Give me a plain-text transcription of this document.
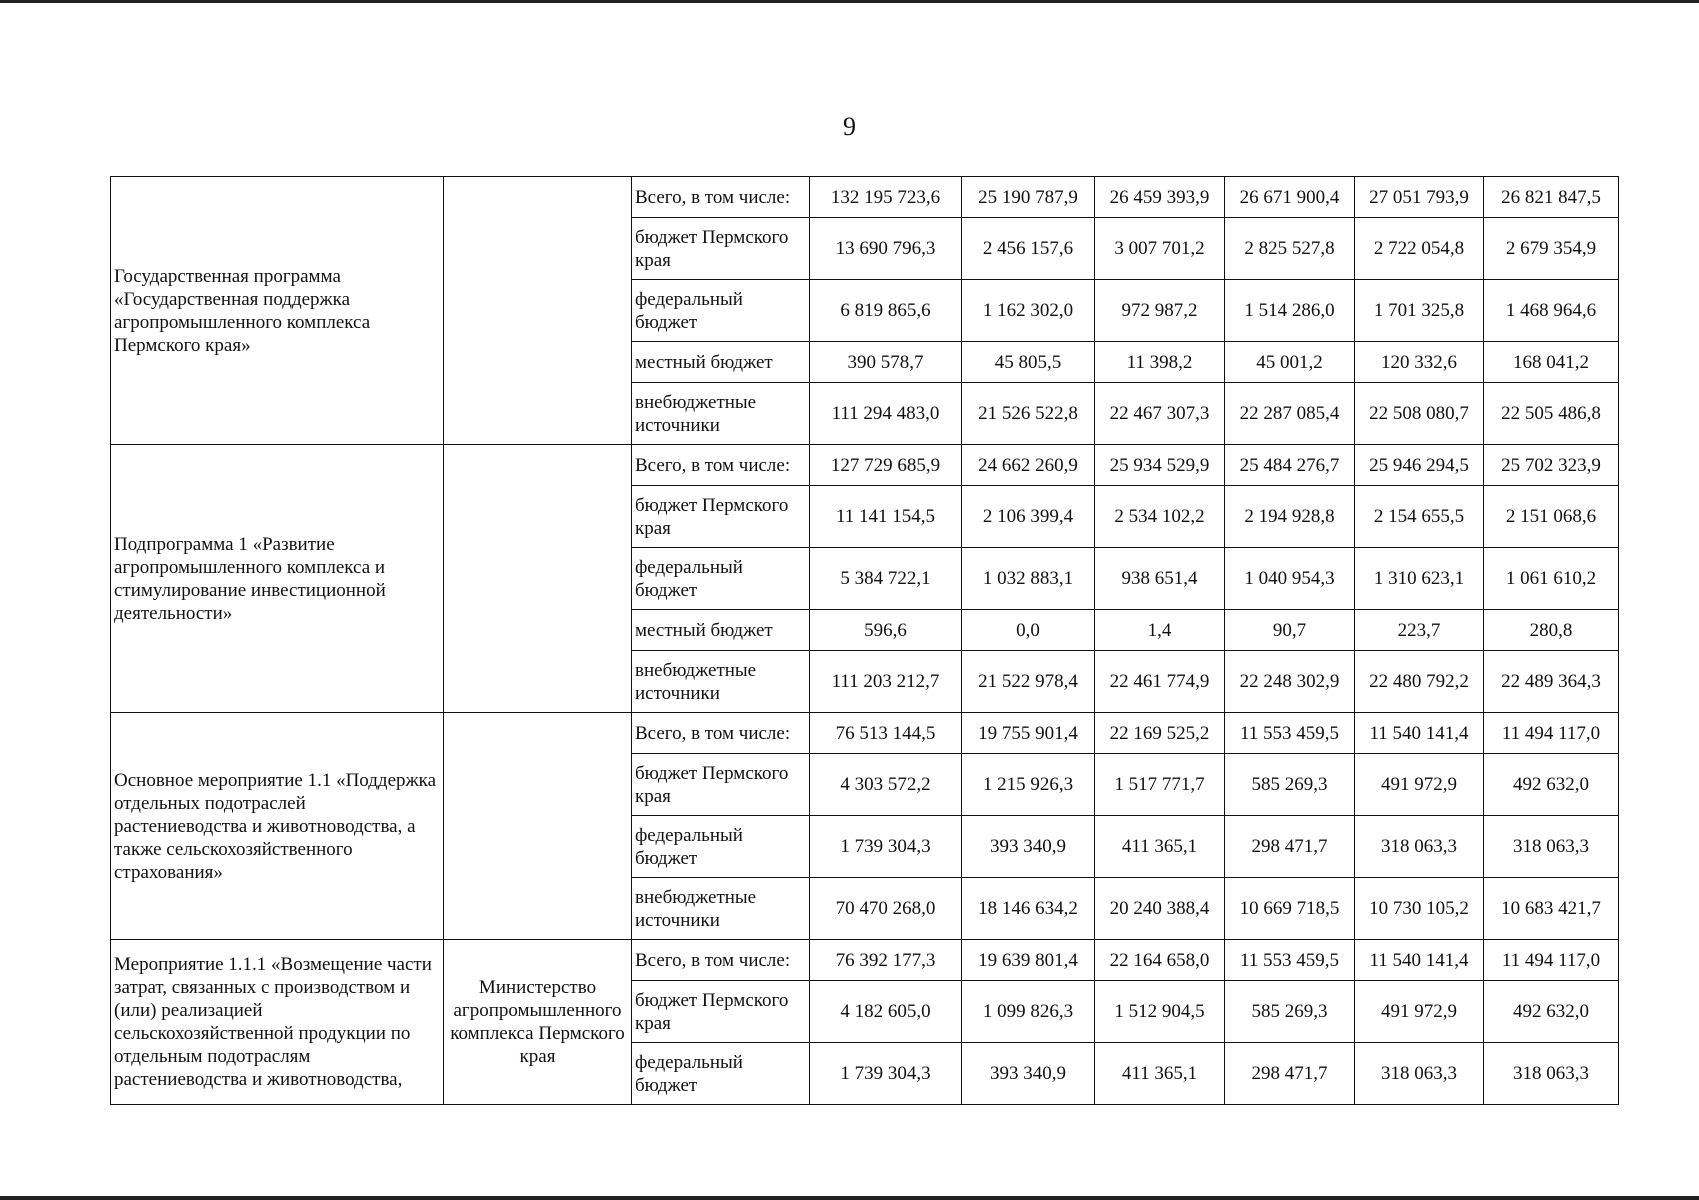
9
Государственная программа «Государственная поддержка агропромышленного комплекса Пермского края»		Всего, в том числе:	132 195 723,6	25 190 787,9	26 459 393,9	26 671 900,4	27 051 793,9	26 821 847,5
		бюджет Пермского края	13 690 796,3	2 456 157,6	3 007 701,2	2 825 527,8	2 722 054,8	2 679 354,9
		федеральный бюджет	6 819 865,6	1 162 302,0	972 987,2	1 514 286,0	1 701 325,8	1 468 964,6
		местный бюджет	390 578,7	45 805,5	11 398,2	45 001,2	120 332,6	168 041,2
		внебюджетные источники	111 294 483,0	21 526 522,8	22 467 307,3	22 287 085,4	22 508 080,7	22 505 486,8
Подпрограмма 1 «Развитие агропромышленного комплекса и стимулирование инвестиционной деятельности»		Всего, в том числе:	127 729 685,9	24 662 260,9	25 934 529,9	25 484 276,7	25 946 294,5	25 702 323,9
		бюджет Пермского края	11 141 154,5	2 106 399,4	2 534 102,2	2 194 928,8	2 154 655,5	2 151 068,6
		федеральный бюджет	5 384 722,1	1 032 883,1	938 651,4	1 040 954,3	1 310 623,1	1 061 610,2
		местный бюджет	596,6	0,0	1,4	90,7	223,7	280,8
		внебюджетные источники	111 203 212,7	21 522 978,4	22 461 774,9	22 248 302,9	22 480 792,2	22 489 364,3
Основное мероприятие 1.1 «Поддержка отдельных подотраслей растениеводства и животноводства, а также сельскохозяйственного страхования»		Всего, в том числе:	76 513 144,5	19 755 901,4	22 169 525,2	11 553 459,5	11 540 141,4	11 494 117,0
		бюджет Пермского края	4 303 572,2	1 215 926,3	1 517 771,7	585 269,3	491 972,9	492 632,0
		федеральный бюджет	1 739 304,3	393 340,9	411 365,1	298 471,7	318 063,3	318 063,3
		внебюджетные источники	70 470 268,0	18 146 634,2	20 240 388,4	10 669 718,5	10 730 105,2	10 683 421,7
Мероприятие 1.1.1 «Возмещение части затрат, связанных с производством и (или) реализацией сельскохозяйственной продукции по отдельным подотраслям растениеводства и животноводства,	Министерство агропромышленного комплекса Пермского края	Всего, в том числе:	76 392 177,3	19 639 801,4	22 164 658,0	11 553 459,5	11 540 141,4	11 494 117,0
		бюджет Пермского края	4 182 605,0	1 099 826,3	1 512 904,5	585 269,3	491 972,9	492 632,0
		федеральный бюджет	1 739 304,3	393 340,9	411 365,1	298 471,7	318 063,3	318 063,3
